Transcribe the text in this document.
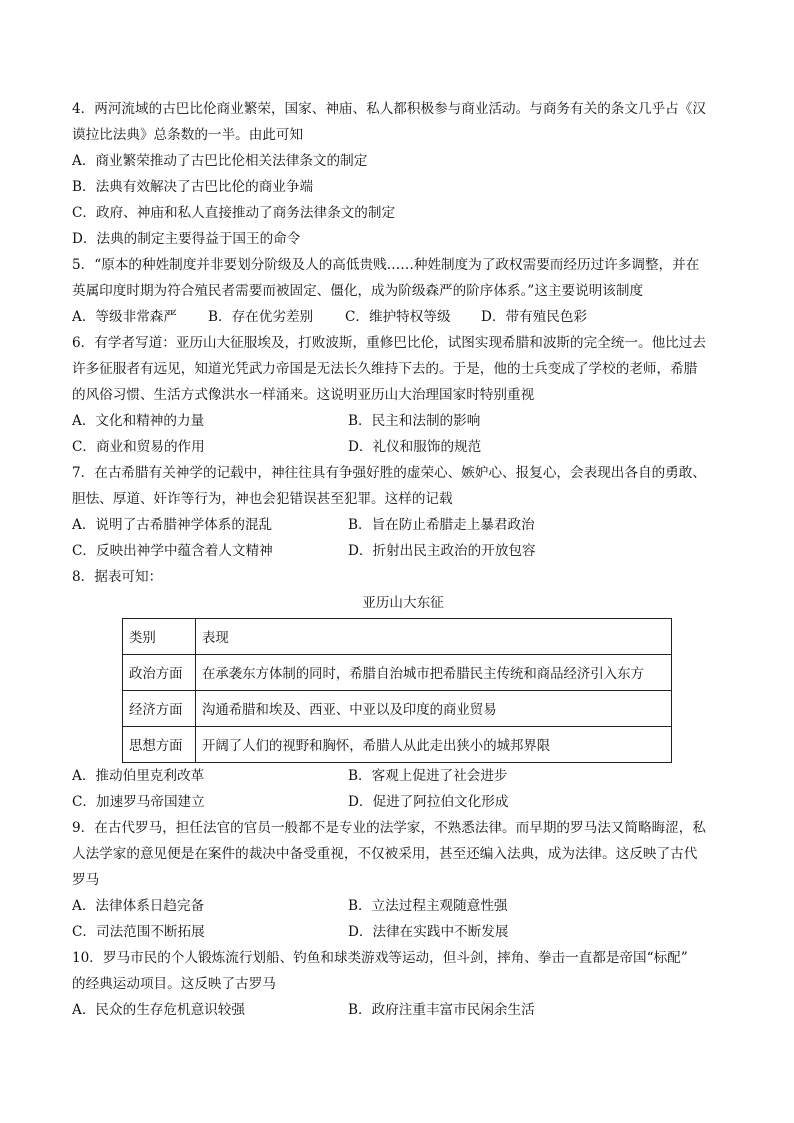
4．两河流域的古巴比伦商业繁荣，国家、神庙、私人都积极参与商业活动。与商务有关的条文几乎占《汉
谟拉比法典》总条数的一半。由此可知
A．商业繁荣推动了古巴比伦相关法律条文的制定
B．法典有效解决了古巴比伦的商业争端
C．政府、神庙和私人直接推动了商务法律条文的制定
D．法典的制定主要得益于国王的命令
5．“原本的种姓制度并非要划分阶级及人的高低贵贱……种姓制度为了政权需要而经历过许多调整，并在
英属印度时期为符合殖民者需要而被固定、僵化，成为阶级森严的阶序体系。”这主要说明该制度
A．等级非常森严	B．存在优劣差别	C．维护特权等级	D．带有殖民色彩
6．有学者写道：亚历山大征服埃及，打败波斯，重修巴比伦，试图实现希腊和波斯的完全统一。他比过去
许多征服者有远见，知道光凭武力帝国是无法长久维持下去的。于是，他的士兵变成了学校的老师，希腊
的风俗习惯、生活方式像洪水一样涌来。这说明亚历山大治理国家时特别重视
A．文化和精神的力量	B．民主和法制的影响
C．商业和贸易的作用	D．礼仪和服饰的规范
7．在古希腊有关神学的记载中，神往往具有争强好胜的虚荣心、嫉妒心、报复心，会表现出各自的勇敢、
胆怯、厚道、奸诈等行为，神也会犯错误甚至犯罪。这样的记载
A．说明了古希腊神学体系的混乱	B．旨在防止希腊走上暴君政治
C．反映出神学中蕴含着人文精神	D．折射出民主政治的开放包容
8．据表可知：
亚历山大东征
类别	表现
政治方面	在承袭东方体制的同时，希腊自治城市把希腊民主传统和商品经济引入东方
经济方面	沟通希腊和埃及、西亚、中亚以及印度的商业贸易
思想方面	开阔了人们的视野和胸怀，希腊人从此走出狭小的城邦界限
A．推动伯里克利改革	B．客观上促进了社会进步
C．加速罗马帝国建立	D．促进了阿拉伯文化形成
9．在古代罗马，担任法官的官员一般都不是专业的法学家，不熟悉法律。而早期的罗马法又简略晦涩，私
人法学家的意见便是在案件的裁决中备受重视，不仅被采用，甚至还编入法典，成为法律。这反映了古代
罗马
A．法律体系日趋完备	B．立法过程主观随意性强
C．司法范围不断拓展	D．法律在实践中不断发展
10．罗马市民的个人锻炼流行划船、钓鱼和球类游戏等运动，但斗剑，摔角、拳击一直都是帝国“标配”
的经典运动项目。这反映了古罗马
A．民众的生存危机意识较强	B．政府注重丰富市民闲余生活
